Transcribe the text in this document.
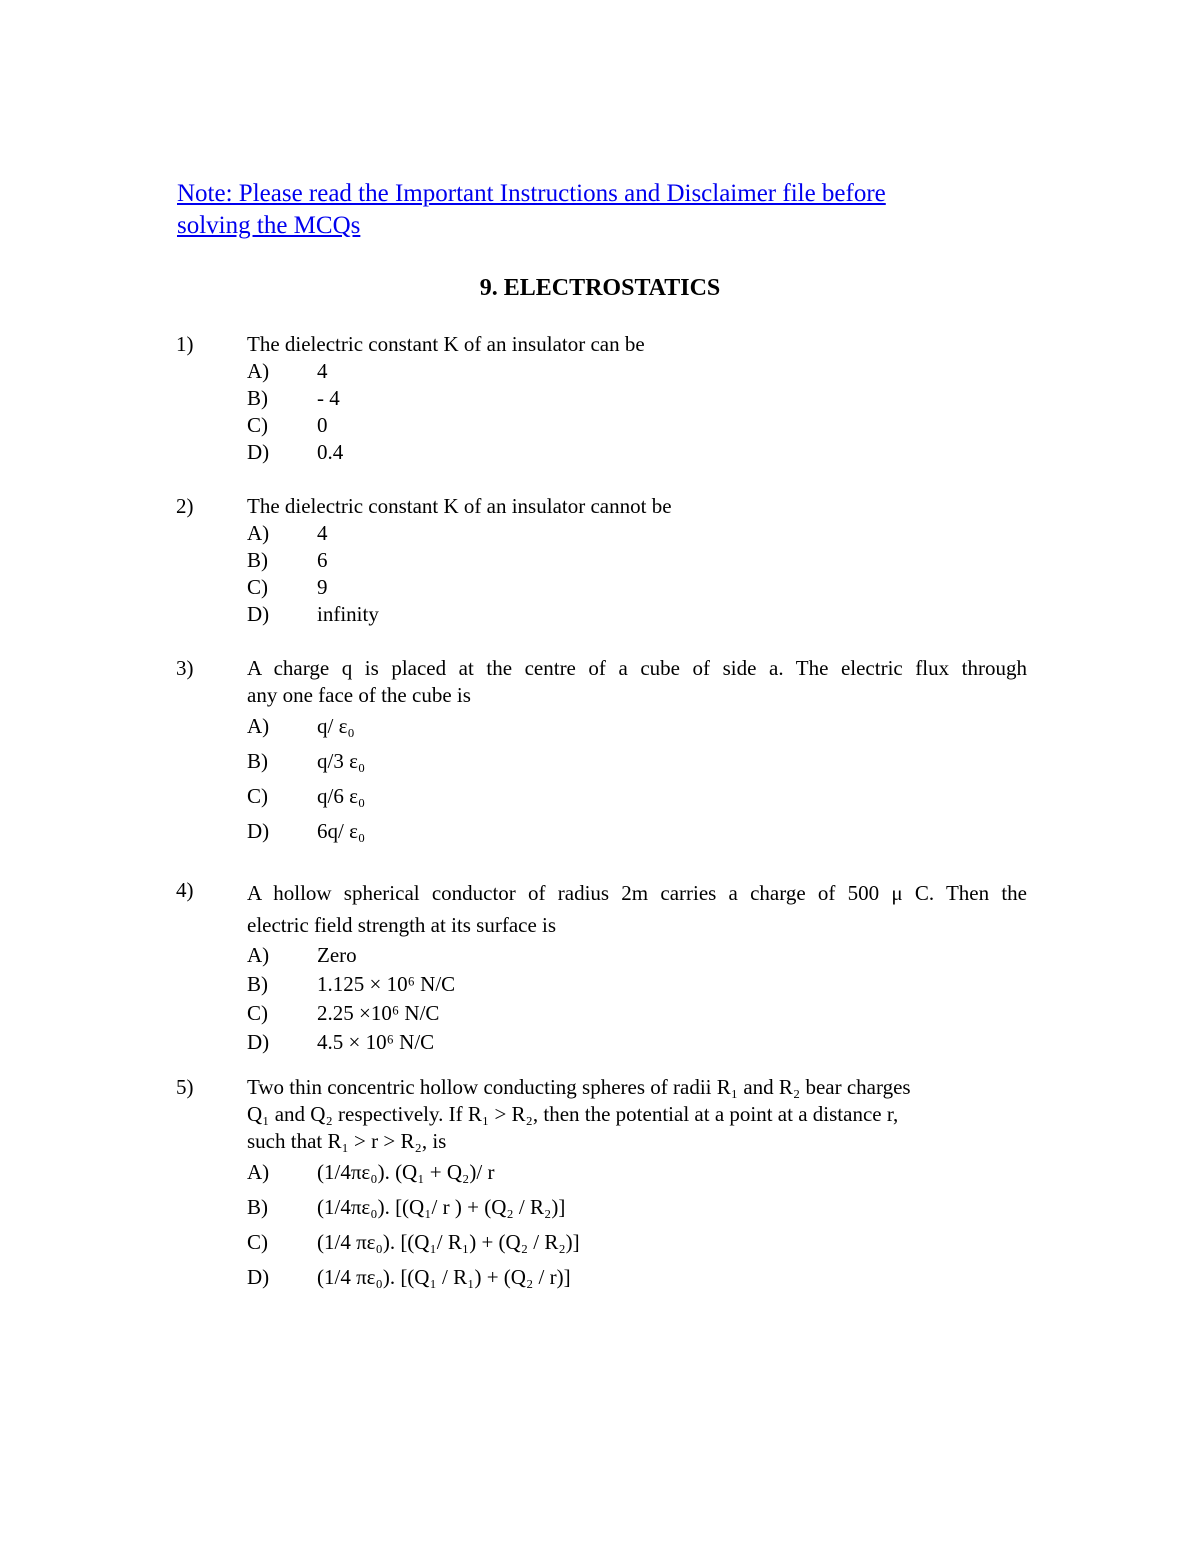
Note: Please read the Important Instructions and Disclaimer file before
solving the MCQs
9. ELECTROSTATICS
1)	The dielectric constant K of an insulator can be
A)	4
B)	- 4
C)	0
D)	0.4
2)	The dielectric constant K of an insulator cannot be
A)	4
B)	6
C)	9
D)	infinity
3)	A charge q is placed at the centre of a cube of side a. The electric flux through
any one face of the cube is
A)	q/ ε₀
B)	q/3 ε₀
C)	q/6 ε₀
D)	6q/ ε₀
4)	A hollow spherical conductor of radius 2m carries a charge of 500 μ C. Then the
electric field strength at its surface is
A)	Zero
B)	1.125 × 10⁶ N/C
C)	2.25 ×10⁶ N/C
D)	4.5 × 10⁶ N/C
5)	Two thin concentric hollow conducting spheres of radii R₁ and R₂ bear charges
Q₁ and Q₂ respectively. If R₁ > R₂, then the potential at a point at a distance r,
such that R₁ > r > R₂, is
A)	(1/4πε₀). (Q₁ + Q₂)/ r
B)	(1/4πε₀). [(Q₁/ r ) + (Q₂ / R₂)]
C)	(1/4 πε₀). [(Q₁/ R₁) + (Q₂ / R₂)]
D)	(1/4 πε₀). [(Q₁ / R₁) + (Q₂ / r)]
